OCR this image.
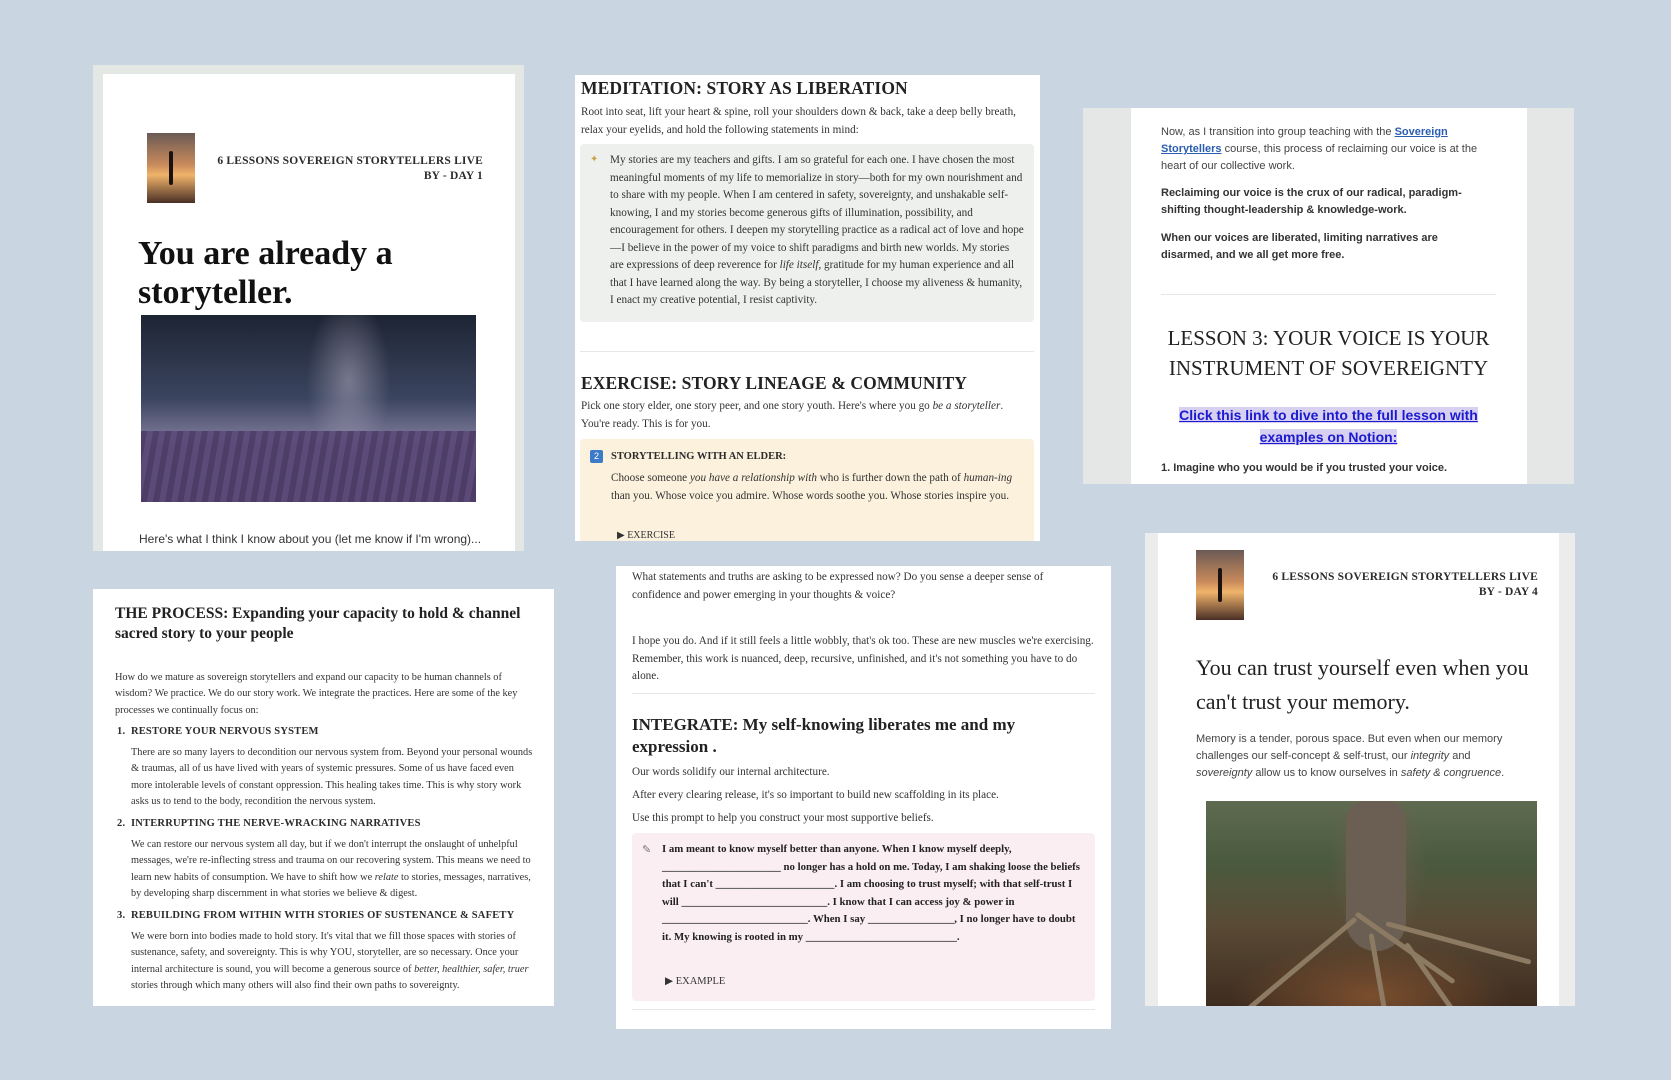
6 LESSONS SOVEREIGN STORYTELLERS LIVE BY - DAY 1
You are already a storyteller.
Here's what I think I know about you (let me know if I'm wrong)...
MEDITATION: STORY AS LIBERATION
Root into seat, lift your heart & spine, roll your shoulders down & back, take a deep belly breath, relax your eyelids, and hold the following statements in mind:
✦ My stories are my teachers and gifts. I am so grateful for each one. I have chosen the most meaningful moments of my life to memorialize in story—both for my own nourishment and to share with my people. When I am centered in safety, sovereignty, and unshakable self-knowing, I and my stories become generous gifts of illumination, possibility, and encouragement for others. I deepen my storytelling practice as a radical act of love and hope—I believe in the power of my voice to shift paradigms and birth new worlds. My stories are expressions of deep reverence for life itself, gratitude for my human experience and all that I have learned along the way. By being a storyteller, I choose my aliveness & humanity, I enact my creative potential, I resist captivity.
EXERCISE: STORY LINEAGE & COMMUNITY
Pick one story elder, one story peer, and one story youth. Here's where you go be a storyteller. You're ready. This is for you.
2	STORYTELLING WITH AN ELDER:
Choose someone you have a relationship with who is further down the path of human-ing than you. Whose voice you admire. Whose words soothe you. Whose stories inspire you.
▶ EXERCISE
Now, as I transition into group teaching with the Sovereign Storytellers course, this process of reclaiming our voice is at the heart of our collective work.
Reclaiming our voice is the crux of our radical, paradigm-shifting thought-leadership & knowledge-work.
When our voices are liberated, limiting narratives are disarmed, and we all get more free.
LESSON 3: YOUR VOICE IS YOUR INSTRUMENT OF SOVEREIGNTY
Click this link to dive into the full lesson with examples on Notion:
1. Imagine who you would be if you trusted your voice.
THE PROCESS: Expanding your capacity to hold & channel sacred story to your people
How do we mature as sovereign storytellers and expand our capacity to be human channels of wisdom? We practice. We do our story work. We integrate the practices. Here are some of the key processes we continually focus on:
1. RESTORE YOUR NERVOUS SYSTEM
There are so many layers to decondition our nervous system from. Beyond your personal wounds & traumas, all of us have lived with years of systemic pressures. Some of us have faced even more intolerable levels of constant oppression. This healing takes time. This is why story work asks us to tend to the body, recondition the nervous system.
2. INTERRUPTING THE NERVE-WRACKING NARRATIVES
We can restore our nervous system all day, but if we don't interrupt the onslaught of unhelpful messages, we're re-inflecting stress and trauma on our recovering system. This means we need to learn new habits of consumption. We have to shift how we relate to stories, messages, narratives, by developing sharp discernment in what stories we believe & digest.
3. REBUILDING FROM WITHIN WITH STORIES OF SUSTENANCE & SAFETY
We were born into bodies made to hold story. It's vital that we fill those spaces with stories of sustenance, safety, and sovereignty. This is why YOU, storyteller, are so necessary. Once your internal architecture is sound, you will become a generous source of better, healthier, safer, truer stories through which many others will also find their own paths to sovereignty.
What statements and truths are asking to be expressed now? Do you sense a deeper sense of confidence and power emerging in your thoughts & voice?
I hope you do. And if it still feels a little wobbly, that's ok too. These are new muscles we're exercising. Remember, this work is nuanced, deep, recursive, unfinished, and it's not something you have to do alone.
INTEGRATE: My self-knowing liberates me and my expression .
Our words solidify our internal architecture.
After every clearing release, it's so important to build new scaffolding in its place.
Use this prompt to help you construct your most supportive beliefs.
✎ I am meant to know myself better than anyone. When I know myself deeply, ______________________ no longer has a hold on me. Today, I am shaking loose the beliefs that I can't ______________________. I am choosing to trust myself; with that self-trust I will ___________________________. I know that I can access joy & power in ___________________________. When I say ________________, I no longer have to doubt it. My knowing is rooted in my ____________________________.
▶ EXAMPLE
6 LESSONS SOVEREIGN STORYTELLERS LIVE BY - DAY 4
You can trust yourself even when you can't trust your memory.
Memory is a tender, porous space. But even when our memory challenges our self-concept & self-trust, our integrity and sovereignty allow us to know ourselves in safety & congruence.
